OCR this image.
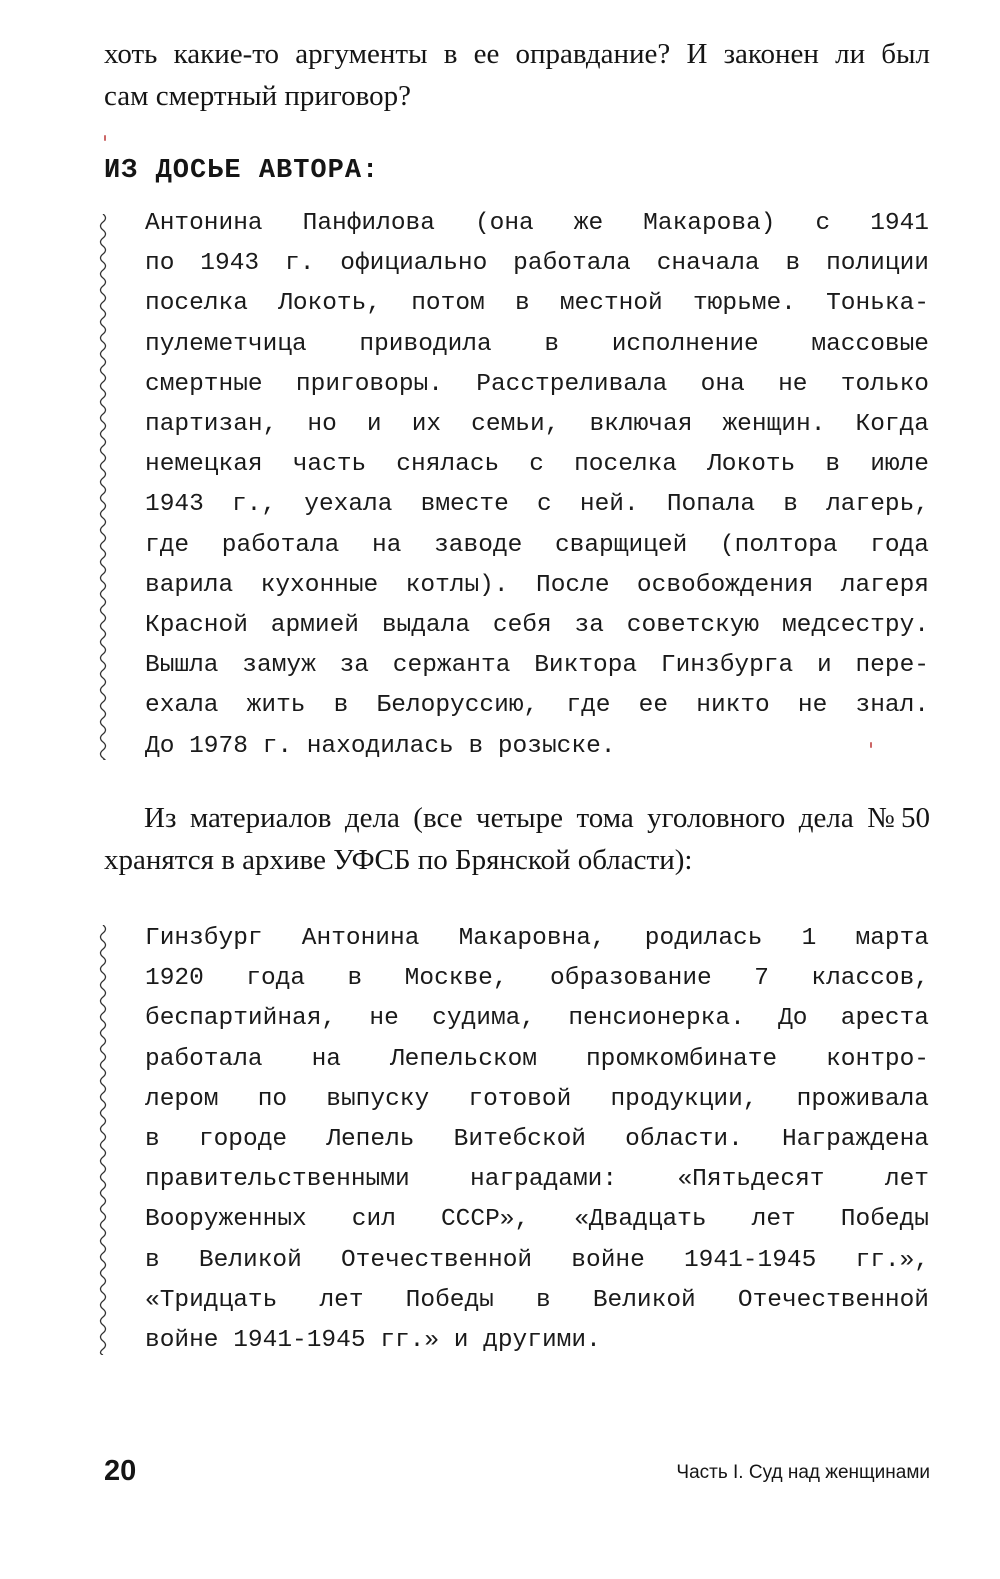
хоть какие-то аргументы в ее оправдание? И законен ли был
сам смертный приговор?
ИЗ ДОСЬЕ АВТОРА:
Антонина Панфилова (она же Макарова) с 1941
по 1943 г. официально работала сначала в полиции
поселка Локоть, потом в местной тюрьме. Тонька-
пулеметчица приводила в исполнение массовые
смертные приговоры. Расстреливала она не только
партизан, но и их семьи, включая женщин. Когда
немецкая часть снялась с поселка Локоть в июле
1943 г., уехала вместе с ней. Попала в лагерь,
где работала на заводе сварщицей (полтора года
варила кухонные котлы). После освобождения лагеря
Красной армией выдала себя за советскую медсестру.
Вышла замуж за сержанта Виктора Гинзбурга и пере-
ехала жить в Белоруссию, где ее никто не знал.
До 1978 г. находилась в розыске.
Из материалов дела (все четыре тома уголовного дела №50
хранятся в архиве УФСБ по Брянской области):
Гинзбург Антонина Макаровна, родилась 1 марта
1920 года в Москве, образование 7 классов,
беспартийная, не судима, пенсионерка. До ареста
работала на Лепельском промкомбинате контро-
лером по выпуску готовой продукции, проживала
в городе Лепель Витебской области. Награждена
правительственными наградами: «Пятьдесят лет
Вооруженных сил СССР», «Двадцать лет Победы
в Великой Отечественной войне 1941-1945 гг.»,
«Тридцать лет Победы в Великой Отечественной
войне 1941-1945 гг.» и другими.
20	Часть I. Суд над женщинами
